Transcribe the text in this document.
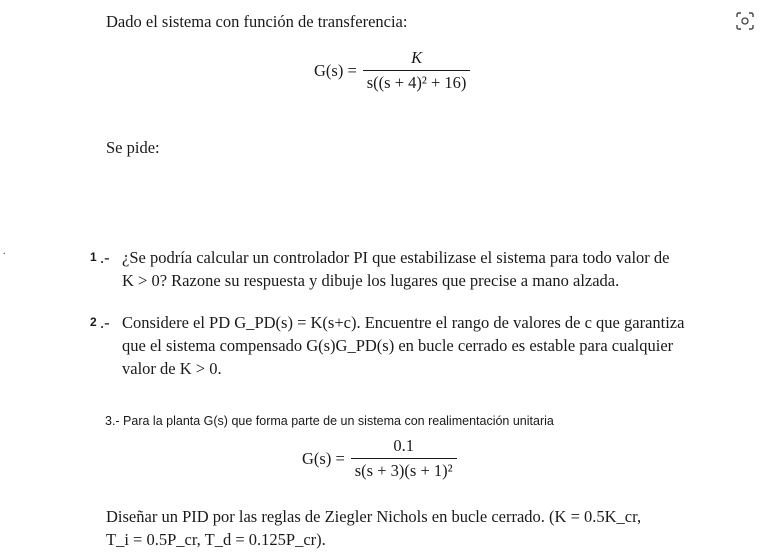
Dado el sistema con función de transferencia:
$G(s) = \frac{K}{\text{s((s + 4)² + 16)}}$
Se pide:
.	1 .- ¿Se podría calcular un controlador PI que estabilizase el sistema para todo valor de
K > 0? Razone su respuesta y dibuje los lugares que precise a mano alzada.
2 .- Considere el PD G_PD(s) = K(s+c). Encuentre el rango de valores de c que garantiza
que el sistema compensado G(s)G_PD(s) en bucle cerrado es estable para cualquier
valor de K > 0.
3.- Para la planta G(s) que forma parte de un sistema con realimentación unitaria
$G(s) = \frac{0.1}{\text{s(s + 3)(s + 1)²}}$
Diseñar un PID por las reglas de Ziegler Nichols en bucle cerrado. (K = 0.5K_cr,
T_i = 0.5P_cr, T_d = 0.125P_cr).
